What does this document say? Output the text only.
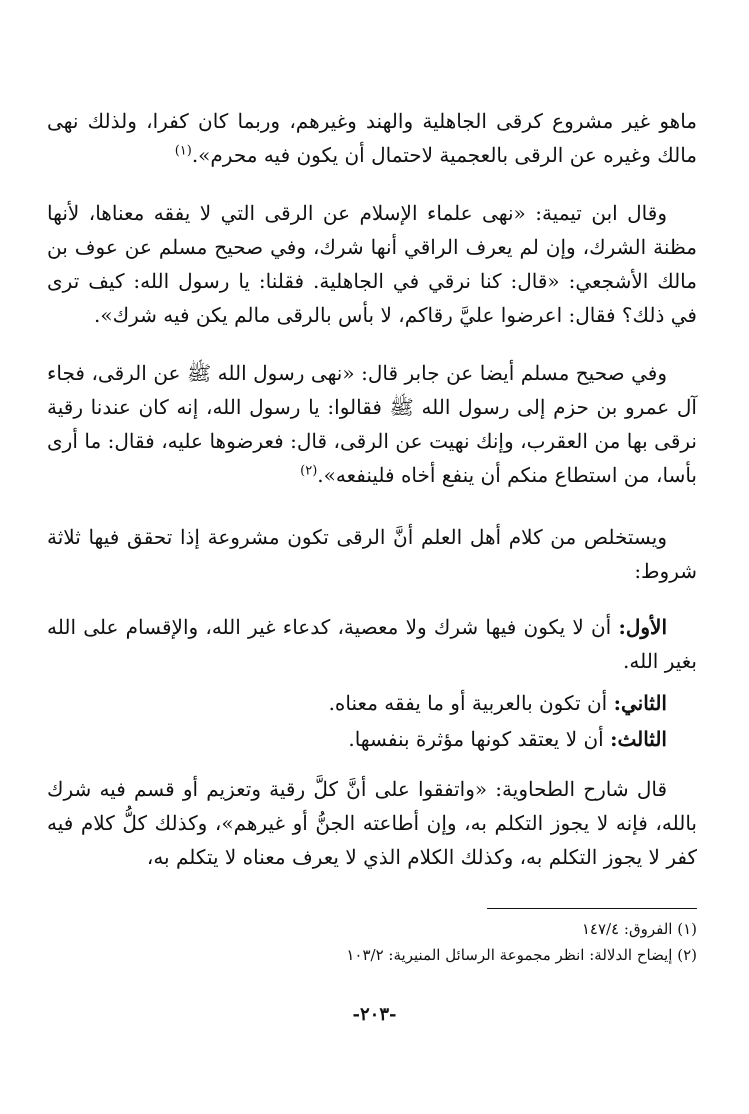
ماهو غير مشروع كرقى الجاهلية والهند وغيرهم، وربما كان كفرا، ولذلك نهى مالك وغيره عن الرقى بالعجمية لاحتمال أن يكون فيه محرم».$^{(١)}$

وقال ابن تيمية: «نهى علماء الإسلام عن الرقى التي لا يفقه معناها، لأنها مظنة الشرك، وإن لم يعرف الراقي أنها شرك، وفي صحيح مسلم عن عوف بن مالك الأشجعي: «قال: كنا نرقي في الجاهلية. فقلنا: يا رسول الله: كيف ترى في ذلك؟ فقال: اعرضوا عليَّ رقاكم، لا بأس بالرقى مالم يكن فيه شرك».

وفي صحيح مسلم أيضا عن جابر قال: «نهى رسول الله ﷺ عن الرقى، فجاء آل عمرو بن حزم إلى رسول الله ﷺ فقالوا: يا رسول الله، إنه كان عندنا رقية نرقى بها من العقرب، وإنك نهيت عن الرقى، قال: فعرضوها عليه، فقال: ما أرى بأسا، من استطاع منكم أن ينفع أخاه فلينفعه».$^{(٢)}$

ويستخلص من كلام أهل العلم أنَّ الرقى تكون مشروعة إذا تحقق فيها ثلاثة شروط:

الأول: أن لا يكون فيها شرك ولا معصية، كدعاء غير الله، والإقسام على الله بغير الله.

الثاني: أن تكون بالعربية أو ما يفقه معناه.

الثالث: أن لا يعتقد كونها مؤثرة بنفسها.

قال شارح الطحاوية: «واتفقوا على أنَّ كلَّ رقية وتعزيم أو قسم فيه شرك بالله، فإنه لا يجوز التكلم به، وإن أطاعته الجنُّ أو غيرهم»، وكذلك كلُّ كلام فيه كفر لا يجوز التكلم به، وكذلك الكلام الذي لا يعرف معناه لا يتكلم به،

(١) الفروق: ١٤٧/٤

(٢) إيضاح الدلالة: انظر مجموعة الرسائل المنيرية: ١٠٣/٢

-٢٠٣-
